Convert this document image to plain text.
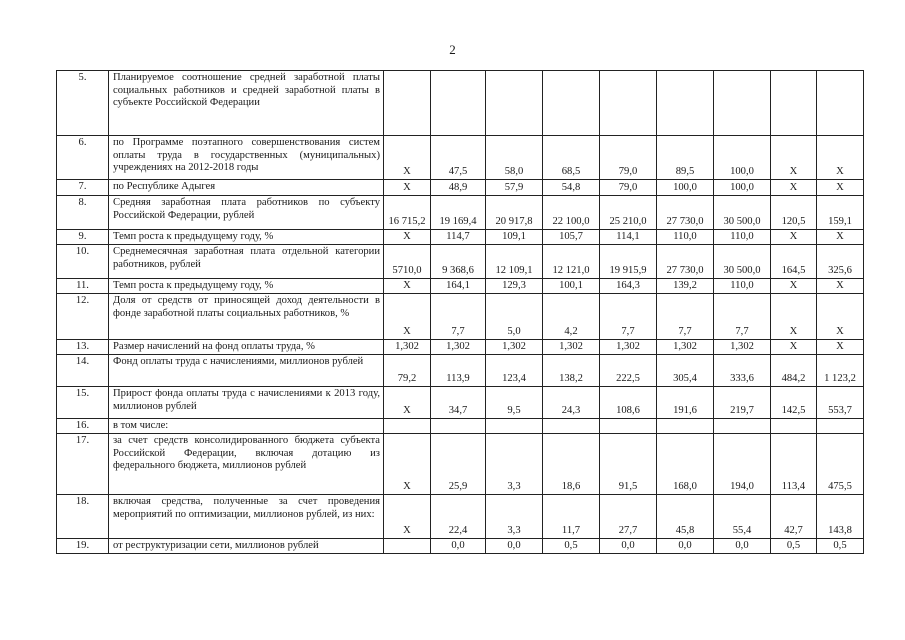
2
5.	Планируемое соотношение средней заработной платы социальных работников и средней заработной платы в субъекте Российской Федерации									
6.	по Программе поэтапного совершенствования систем оплаты труда в государственных (муниципальных) учреждениях на 2012-2018 годы	Х	47,5	58,0	68,5	79,0	89,5	100,0	Х	Х
7.	по Республике Адыгея	Х	48,9	57,9	54,8	79,0	100,0	100,0	Х	Х
8.	Средняя заработная плата работников по субъекту Российской Федерации, рублей	16 715,2	19 169,4	20 917,8	22 100,0	25 210,0	27 730,0	30 500,0	120,5	159,1
9.	Темп роста к предыдущему году, %	Х	114,7	109,1	105,7	114,1	110,0	110,0	Х	Х
10.	Среднемесячная заработная плата отдельной категории работников, рублей	5710,0	9 368,6	12 109,1	12 121,0	19 915,9	27 730,0	30 500,0	164,5	325,6
11.	Темп роста к предыдущему году, %	Х	164,1	129,3	100,1	164,3	139,2	110,0	Х	Х
12.	Доля от средств от приносящей доход деятельности в фонде заработной платы социальных работников, %	Х	7,7	5,0	4,2	7,7	7,7	7,7	Х	Х
13.	Размер начислений на фонд оплаты труда, %	1,302	1,302	1,302	1,302	1,302	1,302	1,302	Х	Х
14.	Фонд оплаты труда с начислениями, миллионов рублей	79,2	113,9	123,4	138,2	222,5	305,4	333,6	484,2	1 123,2
15.	Прирост фонда оплаты труда с начислениями к 2013 году, миллионов рублей	Х	34,7	9,5	24,3	108,6	191,6	219,7	142,5	553,7
16.	в том числе:									
17.	за счет средств консолидированного бюджета субъекта Российской Федерации, включая дотацию из федерального бюджета, миллионов рублей	Х	25,9	3,3	18,6	91,5	168,0	194,0	113,4	475,5
18.	включая средства, полученные за счет проведения мероприятий по оптимизации, миллионов рублей, из них:	Х	22,4	3,3	11,7	27,7	45,8	55,4	42,7	143,8
19.	от реструктуризации сети, миллионов рублей		0,0	0,0	0,5	0,0	0,0	0,0	0,5	0,5
